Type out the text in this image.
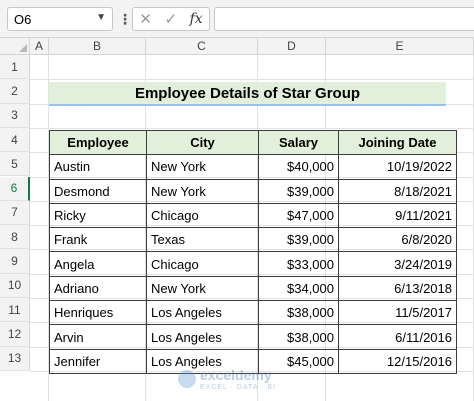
O6	▼ ⋮ ✕ ✓ fx
A	B	C	D	E
1
2
3
4
5
6
7
8
9
10
11
12
13
Employee Details of Star Group
Employee	City	Salary	Joining Date
Austin	New York	$40,000	10/19/2022
Desmond	New York	$39,000	8/18/2021
Ricky	Chicago	$47,000	9/11/2021
Frank	Texas	$39,000	6/8/2020
Angela	Chicago	$33,000	3/24/2019
Adriano	New York	$34,000	6/13/2018
Henriques	Los Angeles	$38,000	11/5/2017
Arvin	Los Angeles	$38,000	6/11/2016
Jennifer	Los Angeles	$45,000	12/15/2016
exceldemy
EXCEL · DATA · BI
